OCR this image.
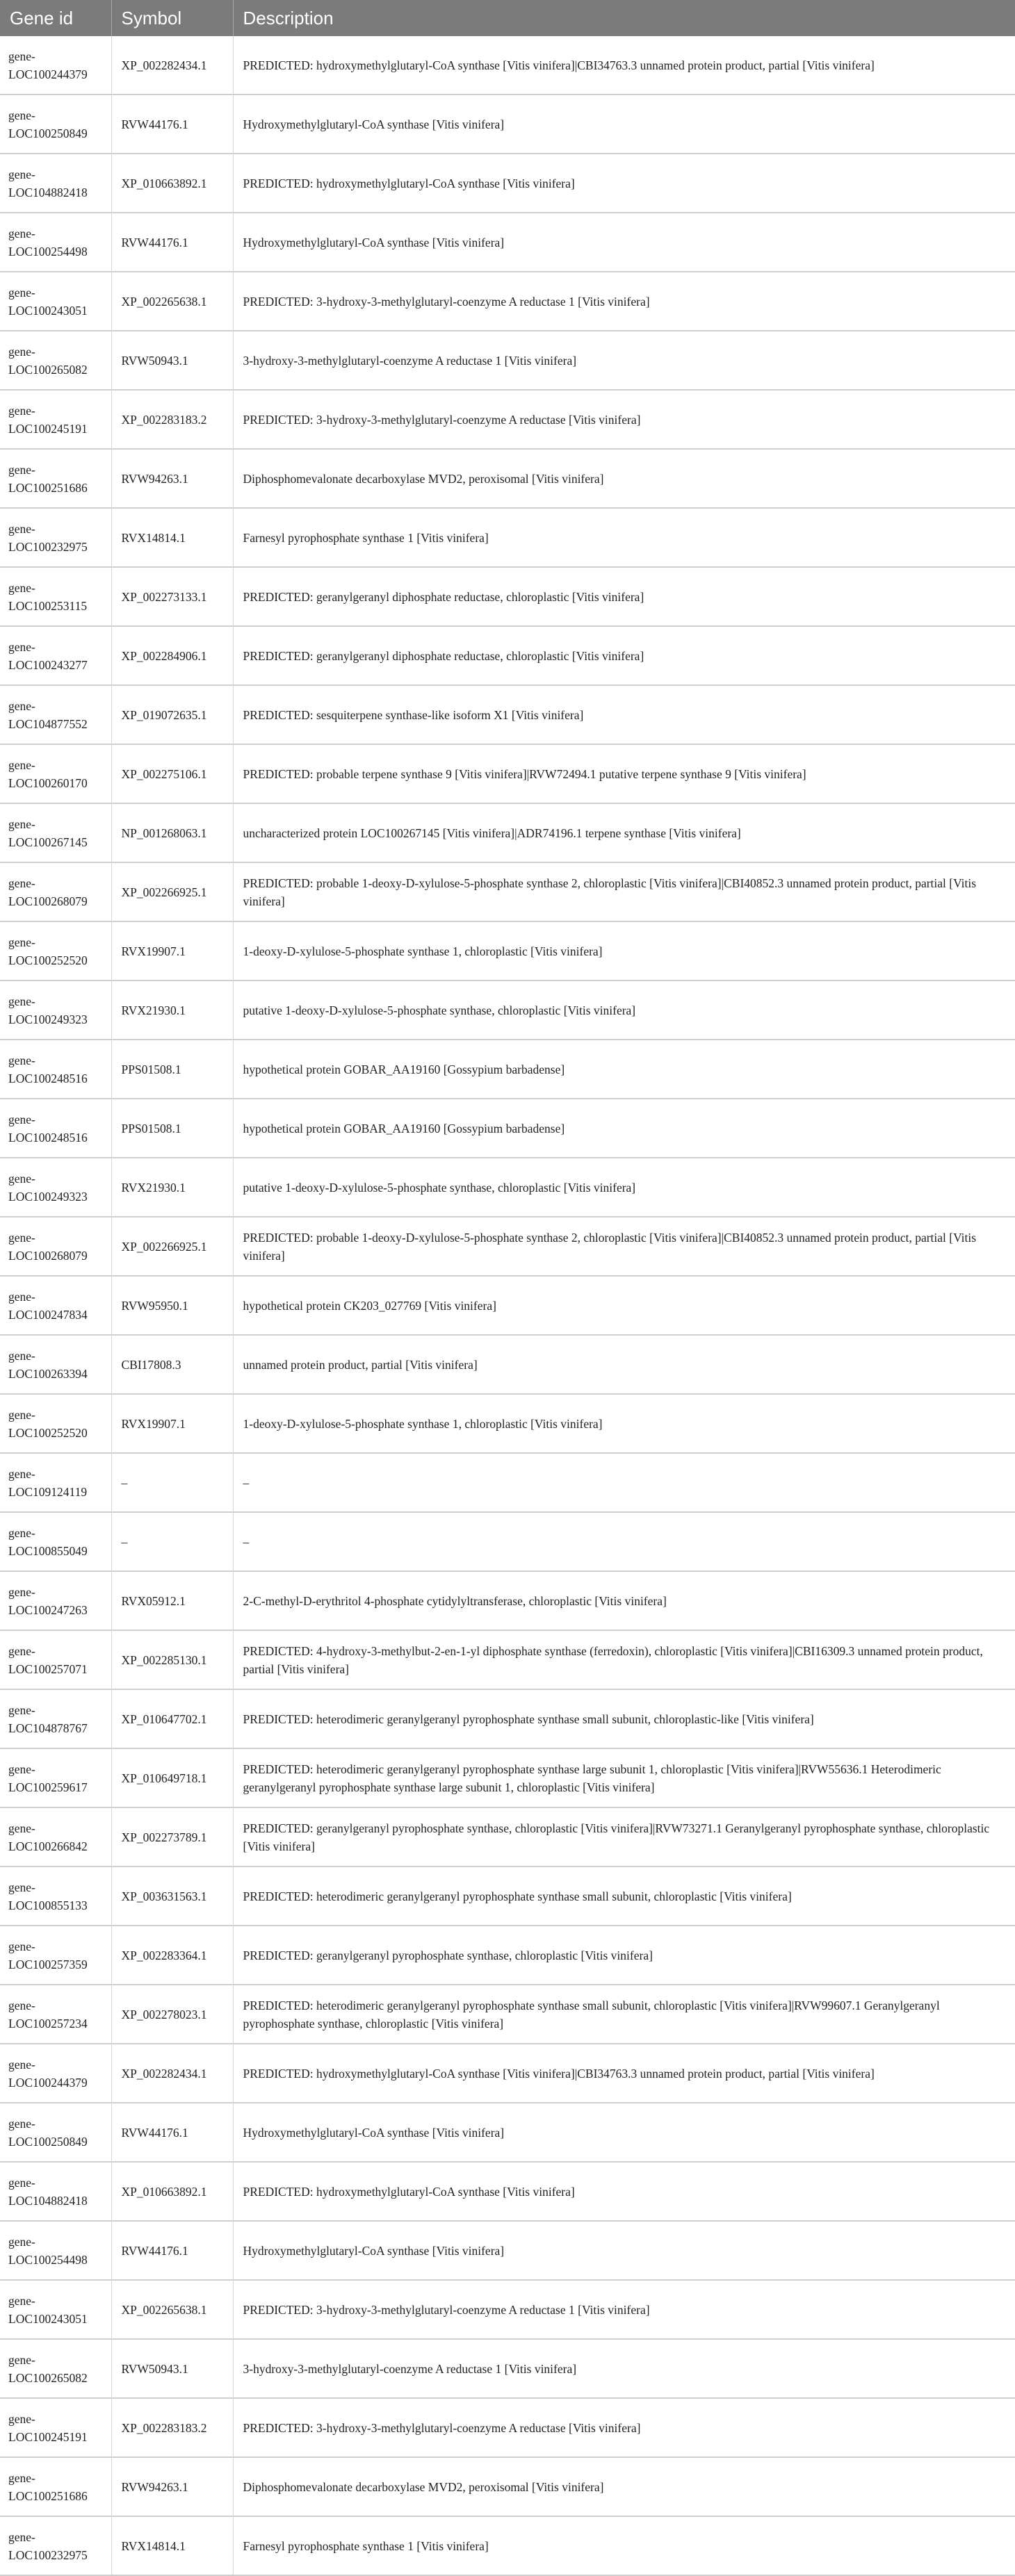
Gene id	Symbol	Description
gene-
LOC100244379	XP_002282434.1	PREDICTED: hydroxymethylglutaryl-CoA synthase [Vitis vinifera]|CBI34763.3 unnamed protein product, partial [Vitis vinifera]
gene-
LOC100250849	RVW44176.1	Hydroxymethylglutaryl-CoA synthase [Vitis vinifera]
gene-
LOC104882418	XP_010663892.1	PREDICTED: hydroxymethylglutaryl-CoA synthase [Vitis vinifera]
gene-
LOC100254498	RVW44176.1	Hydroxymethylglutaryl-CoA synthase [Vitis vinifera]
gene-
LOC100243051	XP_002265638.1	PREDICTED: 3-hydroxy-3-methylglutaryl-coenzyme A reductase 1 [Vitis vinifera]
gene-
LOC100265082	RVW50943.1	3-hydroxy-3-methylglutaryl-coenzyme A reductase 1 [Vitis vinifera]
gene-
LOC100245191	XP_002283183.2	PREDICTED: 3-hydroxy-3-methylglutaryl-coenzyme A reductase [Vitis vinifera]
gene-
LOC100251686	RVW94263.1	Diphosphomevalonate decarboxylase MVD2, peroxisomal [Vitis vinifera]
gene-
LOC100232975	RVX14814.1	Farnesyl pyrophosphate synthase 1 [Vitis vinifera]
gene-
LOC100253115	XP_002273133.1	PREDICTED: geranylgeranyl diphosphate reductase, chloroplastic [Vitis vinifera]
gene-
LOC100243277	XP_002284906.1	PREDICTED: geranylgeranyl diphosphate reductase, chloroplastic [Vitis vinifera]
gene-
LOC104877552	XP_019072635.1	PREDICTED: sesquiterpene synthase-like isoform X1 [Vitis vinifera]
gene-
LOC100260170	XP_002275106.1	PREDICTED: probable terpene synthase 9 [Vitis vinifera]|RVW72494.1 putative terpene synthase 9 [Vitis vinifera]
gene-
LOC100267145	NP_001268063.1	uncharacterized protein LOC100267145 [Vitis vinifera]|ADR74196.1 terpene synthase [Vitis vinifera]
gene-
LOC100268079	XP_002266925.1	PREDICTED: probable 1-deoxy-D-xylulose-5-phosphate synthase 2, chloroplastic [Vitis vinifera]|CBI40852.3 unnamed protein product, partial [Vitis vinifera]
gene-
LOC100252520	RVX19907.1	1-deoxy-D-xylulose-5-phosphate synthase 1, chloroplastic [Vitis vinifera]
gene-
LOC100249323	RVX21930.1	putative 1-deoxy-D-xylulose-5-phosphate synthase, chloroplastic [Vitis vinifera]
gene-
LOC100248516	PPS01508.1	hypothetical protein GOBAR_AA19160 [Gossypium barbadense]
gene-
LOC100248516	PPS01508.1	hypothetical protein GOBAR_AA19160 [Gossypium barbadense]
gene-
LOC100249323	RVX21930.1	putative 1-deoxy-D-xylulose-5-phosphate synthase, chloroplastic [Vitis vinifera]
gene-
LOC100268079	XP_002266925.1	PREDICTED: probable 1-deoxy-D-xylulose-5-phosphate synthase 2, chloroplastic [Vitis vinifera]|CBI40852.3 unnamed protein product, partial [Vitis vinifera]
gene-
LOC100247834	RVW95950.1	hypothetical protein CK203_027769 [Vitis vinifera]
gene-
LOC100263394	CBI17808.3	unnamed protein product, partial [Vitis vinifera]
gene-
LOC100252520	RVX19907.1	1-deoxy-D-xylulose-5-phosphate synthase 1, chloroplastic [Vitis vinifera]
gene-
LOC109124119	–	–
gene-
LOC100855049	–	–
gene-
LOC100247263	RVX05912.1	2-C-methyl-D-erythritol 4-phosphate cytidylyltransferase, chloroplastic [Vitis vinifera]
gene-
LOC100257071	XP_002285130.1	PREDICTED: 4-hydroxy-3-methylbut-2-en-1-yl diphosphate synthase (ferredoxin), chloroplastic [Vitis vinifera]|CBI16309.3 unnamed protein product, partial [Vitis vinifera]
gene-
LOC104878767	XP_010647702.1	PREDICTED: heterodimeric geranylgeranyl pyrophosphate synthase small subunit, chloroplastic-like [Vitis vinifera]
gene-
LOC100259617	XP_010649718.1	PREDICTED: heterodimeric geranylgeranyl pyrophosphate synthase large subunit 1, chloroplastic [Vitis vinifera]|RVW55636.1 Heterodimeric geranylgeranyl pyrophosphate synthase large subunit 1, chloroplastic [Vitis vinifera]
gene-
LOC100266842	XP_002273789.1	PREDICTED: geranylgeranyl pyrophosphate synthase, chloroplastic [Vitis vinifera]|RVW73271.1 Geranylgeranyl pyrophosphate synthase, chloroplastic [Vitis vinifera]
gene-
LOC100855133	XP_003631563.1	PREDICTED: heterodimeric geranylgeranyl pyrophosphate synthase small subunit, chloroplastic [Vitis vinifera]
gene-
LOC100257359	XP_002283364.1	PREDICTED: geranylgeranyl pyrophosphate synthase, chloroplastic [Vitis vinifera]
gene-
LOC100257234	XP_002278023.1	PREDICTED: heterodimeric geranylgeranyl pyrophosphate synthase small subunit, chloroplastic [Vitis vinifera]|RVW99607.1 Geranylgeranyl pyrophosphate synthase, chloroplastic [Vitis vinifera]
gene-
LOC100244379	XP_002282434.1	PREDICTED: hydroxymethylglutaryl-CoA synthase [Vitis vinifera]|CBI34763.3 unnamed protein product, partial [Vitis vinifera]
gene-
LOC100250849	RVW44176.1	Hydroxymethylglutaryl-CoA synthase [Vitis vinifera]
gene-
LOC104882418	XP_010663892.1	PREDICTED: hydroxymethylglutaryl-CoA synthase [Vitis vinifera]
gene-
LOC100254498	RVW44176.1	Hydroxymethylglutaryl-CoA synthase [Vitis vinifera]
gene-
LOC100243051	XP_002265638.1	PREDICTED: 3-hydroxy-3-methylglutaryl-coenzyme A reductase 1 [Vitis vinifera]
gene-
LOC100265082	RVW50943.1	3-hydroxy-3-methylglutaryl-coenzyme A reductase 1 [Vitis vinifera]
gene-
LOC100245191	XP_002283183.2	PREDICTED: 3-hydroxy-3-methylglutaryl-coenzyme A reductase [Vitis vinifera]
gene-
LOC100251686	RVW94263.1	Diphosphomevalonate decarboxylase MVD2, peroxisomal [Vitis vinifera]
gene-
LOC100232975	RVX14814.1	Farnesyl pyrophosphate synthase 1 [Vitis vinifera]
